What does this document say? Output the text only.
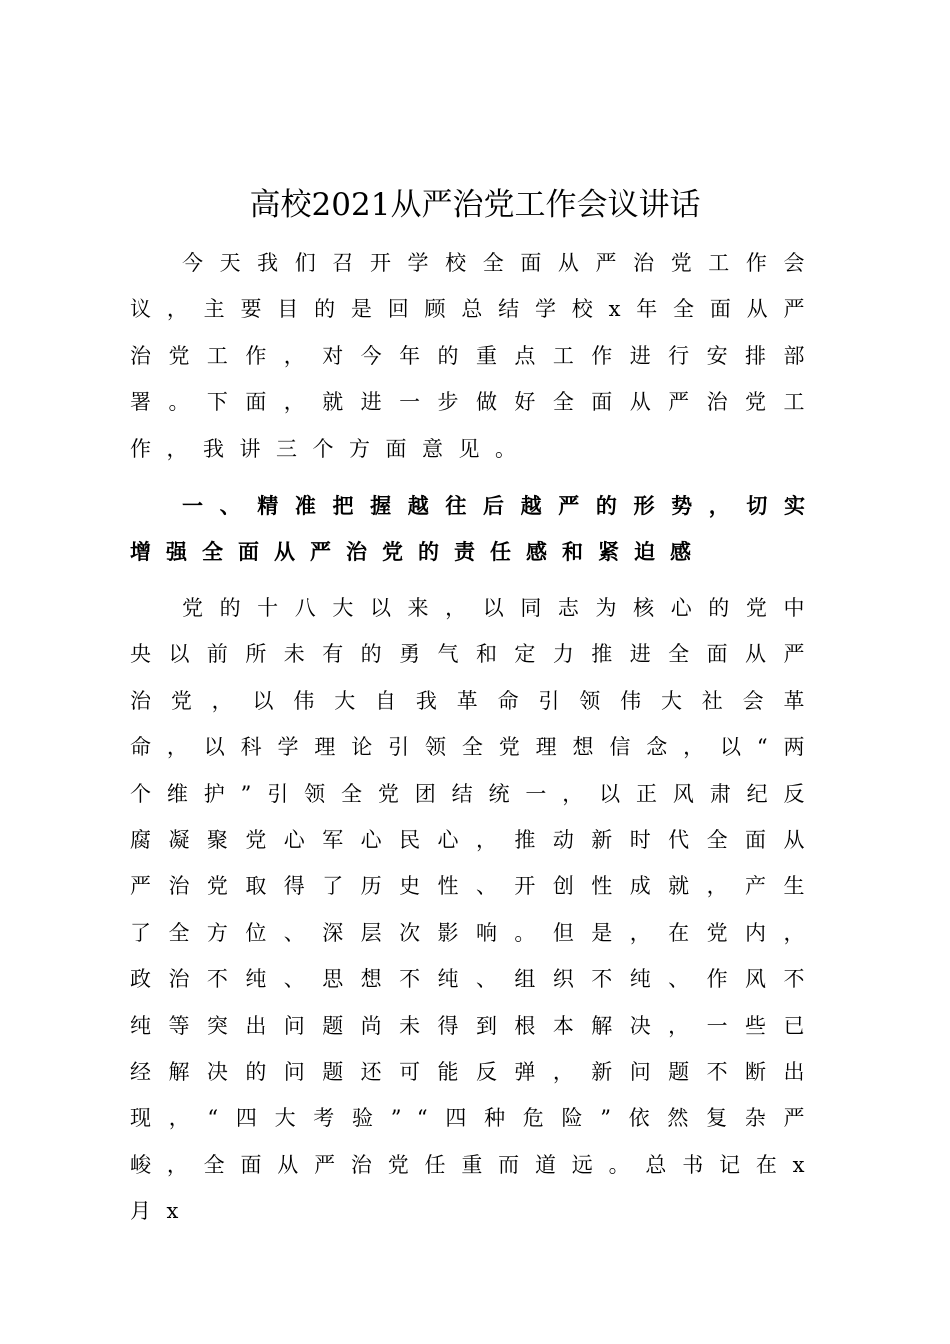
高校2021从严治党工作会议讲话

今天我们召开学校全面从严治党工作会议，主要目的是回顾总结学校x年全面从严治党工作，对今年的重点工作进行安排部署。下面，就进一步做好全面从严治党工作，我讲三个方面意见。

一、精准把握越往后越严的形势，切实增强全面从严治党的责任感和紧迫感

党的十八大以来，以同志为核心的党中央以前所未有的勇气和定力推进全面从严治党，以伟大自我革命引领伟大社会革命，以科学理论引领全党理想信念，以“两个维护”引领全党团结统一，以正风肃纪反腐凝聚党心军心民心，推动新时代全面从严治党取得了历史性、开创性成就，产生了全方位、深层次影响。但是，在党内，政治不纯、思想不纯、组织不纯、作风不纯等突出问题尚未得到根本解决，一些已经解决的问题还可能反弹，新问题不断出现，“四大考验”“四种危险”依然复杂严峻，全面从严治党任重而道远。总书记在x月x
